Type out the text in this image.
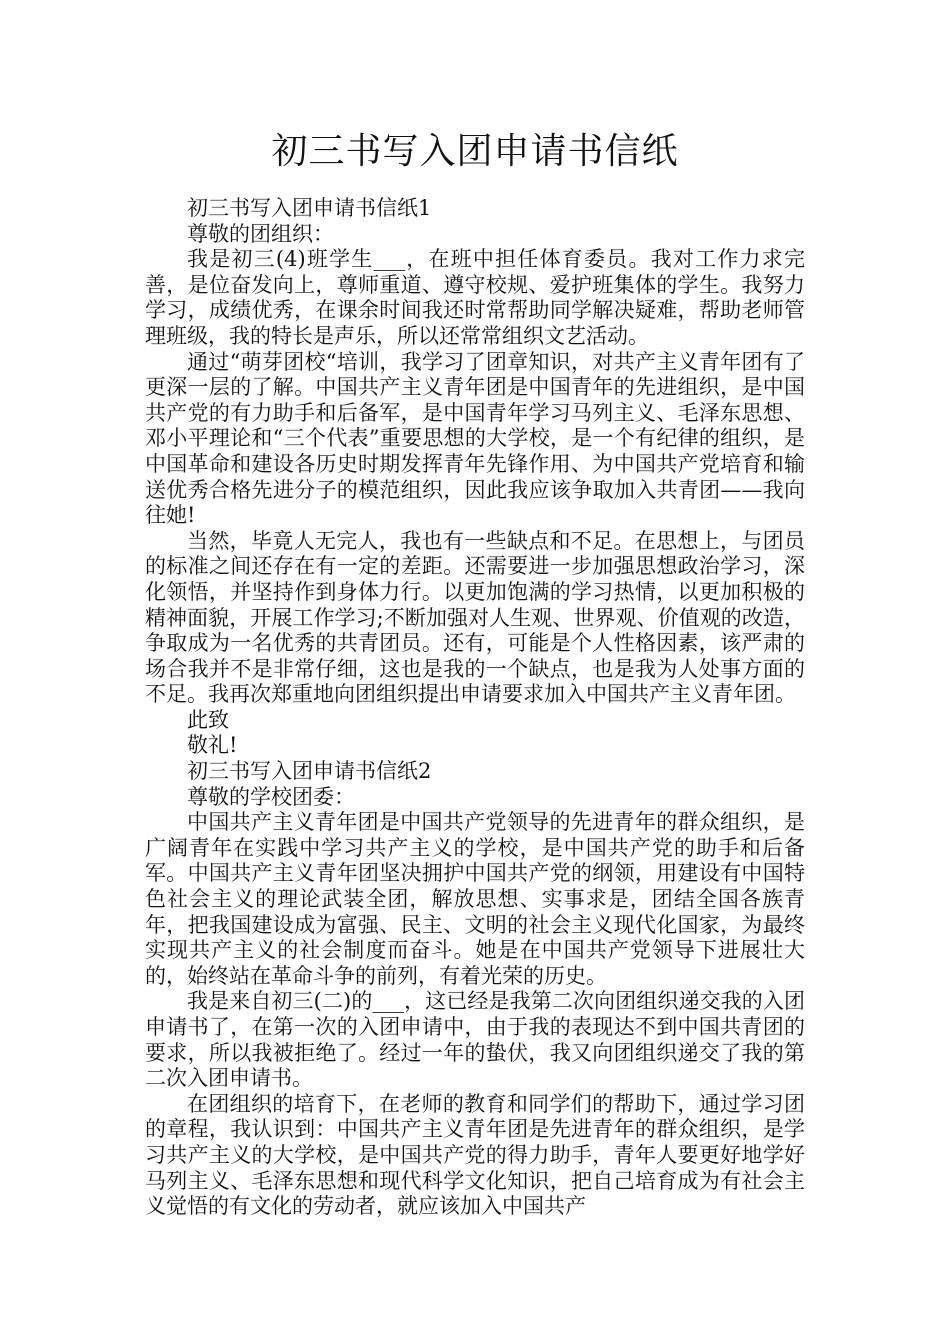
初三书写入团申请书信纸

初三书写入团申请书信纸1

尊敬的团组织：

我是初三(4)班学生___，在班中担任体育委员。我对工作力求完善，是位奋发向上，尊师重道、遵守校规、爱护班集体的学生。我努力学习，成绩优秀，在课余时间我还时常帮助同学解决疑难，帮助老师管理班级，我的特长是声乐，所以还常常组织文艺活动。

通过“萌芽团校“培训，我学习了团章知识，对共产主义青年团有了更深一层的了解。中国共产主义青年团是中国青年的先进组织，是中国共产党的有力助手和后备军，是中国青年学习马列主义、毛泽东思想、邓小平理论和“三个代表”重要思想的大学校，是一个有纪律的组织，是中国革命和建设各历史时期发挥青年先锋作用、为中国共产党培育和输送优秀合格先进分子的模范组织，因此我应该争取加入共青团——我向往她!

当然，毕竟人无完人，我也有一些缺点和不足。在思想上，与团员的标准之间还存在有一定的差距。还需要进一步加强思想政治学习，深化领悟，并坚持作到身体力行。以更加饱满的学习热情，以更加积极的精神面貌，开展工作学习;不断加强对人生观、世界观、价值观的改造，争取成为一名优秀的共青团员。还有，可能是个人性格因素，该严肃的场合我并不是非常仔细，这也是我的一个缺点，也是我为人处事方面的不足。我再次郑重地向团组织提出申请要求加入中国共产主义青年团。

此致

敬礼!

初三书写入团申请书信纸2

尊敬的学校团委：

中国共产主义青年团是中国共产党领导的先进青年的群众组织，是广阔青年在实践中学习共产主义的学校，是中国共产党的助手和后备军。中国共产主义青年团坚决拥护中国共产党的纲领，用建设有中国特色社会主义的理论武装全团，解放思想、实事求是，团结全国各族青年，把我国建设成为富强、民主、文明的社会主义现代化国家，为最终实现共产主义的社会制度而奋斗。她是在中国共产党领导下进展壮大的，始终站在革命斗争的前列，有着光荣的历史。

我是来自初三(二)的___，这已经是我第二次向团组织递交我的入团申请书了，在第一次的入团申请中，由于我的表现达不到中国共青团的要求，所以我被拒绝了。经过一年的蛰伏，我又向团组织递交了我的第二次入团申请书。

在团组织的培育下，在老师的教育和同学们的帮助下，通过学习团的章程，我认识到：中国共产主义青年团是先进青年的群众组织，是学习共产主义的大学校，是中国共产党的得力助手，青年人要更好地学好马列主义、毛泽东思想和现代科学文化知识，把自己培育成为有社会主义觉悟的有文化的劳动者，就应该加入中国共产
